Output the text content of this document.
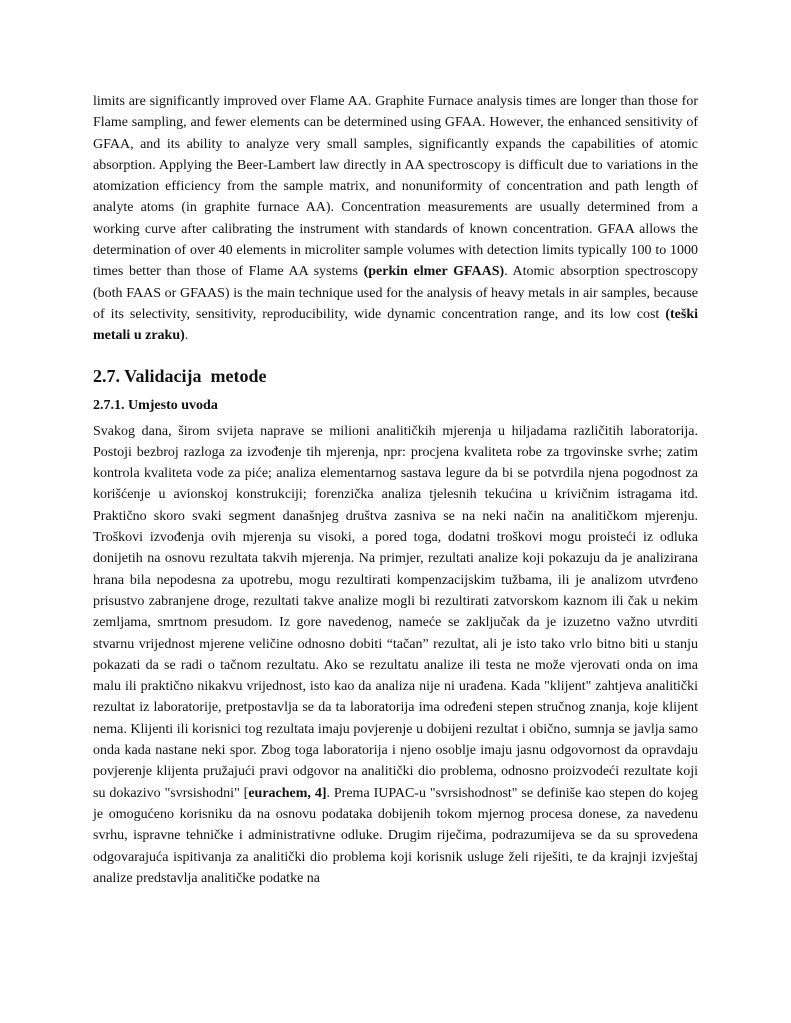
limits are significantly improved over Flame AA. Graphite Furnace analysis times are longer than those for Flame sampling, and fewer elements can be determined using GFAA. However, the enhanced sensitivity of GFAA, and its ability to analyze very small samples, significantly expands the capabilities of atomic absorption. Applying the Beer-Lambert law directly in AA spectroscopy is difficult due to variations in the atomization efficiency from the sample matrix, and nonuniformity of concentration and path length of analyte atoms (in graphite furnace AA). Concentration measurements are usually determined from a working curve after calibrating the instrument with standards of known concentration. GFAA allows the determination of over 40 elements in microliter sample volumes with detection limits typically 100 to 1000 times better than those of Flame AA systems (perkin elmer GFAAS). Atomic absorption spectroscopy (both FAAS or GFAAS) is the main technique used for the analysis of heavy metals in air samples, because of its selectivity, sensitivity, reproducibility, wide dynamic concentration range, and its low cost (teški metali u zraku).

2.7. Validacija  metode
2.7.1. Umjesto uvoda

Svakog dana, širom svijeta naprave se milioni analitičkih mjerenja u hiljadama različitih laboratorija. Postoji bezbroj razloga za izvođenje tih mjerenja, npr: procjena kvaliteta robe za trgovinske svrhe; zatim kontrola kvaliteta vode za piće; analiza elementarnog sastava legure da bi se potvrdila njena pogodnost za korišćenje u avionskoj konstrukciji; forenzička analiza tjelesnih tekućina u krivičnim istragama itd. Praktično skoro svaki segment današnjeg društva zasniva se na neki način na analitičkom mjerenju. Troškovi izvođenja ovih mjerenja su visoki, a pored toga, dodatni troškovi mogu proisteći iz odluka donijetih na osnovu rezultata takvih mjerenja. Na primjer, rezultati analize koji pokazuju da je analizirana hrana bila nepodesna za upotrebu, mogu rezultirati kompenzacijskim tužbama, ili je analizom utvrđeno prisustvo zabranjene droge, rezultati takve analize mogli bi rezultirati zatvorskom kaznom ili čak u nekim zemljama, smrtnom presudom. Iz gore navedenog, nameće se zaključak da je izuzetno važno utvrditi stvarnu vrijednost mjerene veličine odnosno dobiti “tačan” rezultat, ali je isto tako vrlo bitno biti u stanju pokazati da se radi o tačnom rezultatu. Ako se rezultatu analize ili testa ne može vjerovati onda on ima malu ili praktično nikakvu vrijednost, isto kao da analiza nije ni urađena. Kada "klijent" zahtjeva analitički rezultat iz laboratorije, pretpostavlja se da ta laboratorija ima određeni stepen stručnog znanja, koje klijent nema. Klijenti ili korisnici tog rezultata imaju povjerenje u dobijeni rezultat i obično, sumnja se javlja samo onda kada nastane neki spor. Zbog toga laboratorija i njeno osoblje imaju jasnu odgovornost da opravdaju povjerenje klijenta pružajući pravi odgovor na analitički dio problema, odnosno proizvodeći rezultate koji su dokazivo "svrsishodni" [eurachem, 4]. Prema IUPAC-u "svrsishodnost" se definiše kao stepen do kojeg je omogućeno korisniku da na osnovu podataka dobijenih tokom mjernog procesa donese, za navedenu svrhu, ispravne tehničke i administrativne odluke. Drugim riječima, podrazumijeva se da su sprovedena odgovarajuća ispitivanja za analitički dio problema koji korisnik usluge želi riješiti, te da krajnji izvještaj analize predstavlja analitičke podatke na
